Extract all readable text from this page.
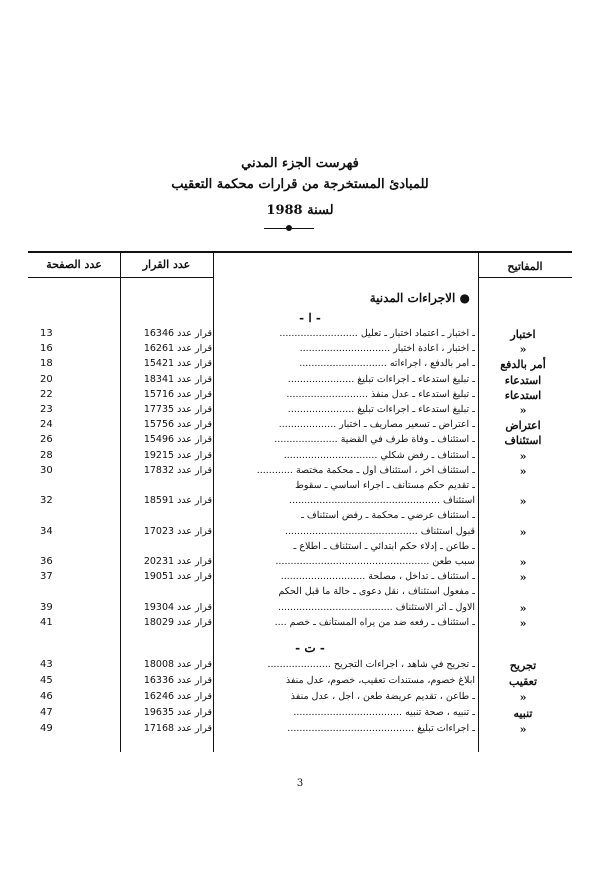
فهرست الجزء المدني
للمبادئ المستخرجة من قرارات محكمة التعقيب
لسنة 1988
عدد الصفحة	عدد القرار	المفاتيح
● الاجراءات المدنية
- ا -
13	قرار عدد 16346	ـ اختبار ـ اعتماد اختبار ـ تعليل ..........................	اختبار
16	قرار عدد 16261	ـ اختبار ، اعادة اختبار ..............................	«
18	قرار عدد 15421	ـ أمر بالدفع ، اجراءاته .............................	أمر بالدفع
20	قرار عدد 18341	ـ تبليغ استدعاء ـ اجراءات تبليغ ......................	استدعاء
22	قرار عدد 15716	ـ تبليغ استدعاء ـ عدل منفذ ...........................	استدعاء
23	قرار عدد 17735	ـ تبليغ استدعاء ـ اجراءات تبليغ ......................	«
24	قرار عدد 15756	ـ اعتراض ـ تسعير مصاريف ـ اختبار ...................	اعتراض
26	قرار عدد 15496	ـ استئناف ـ وفاة طرف في القضية .....................	استئناف
28	قرار عدد 19215	ـ استئناف ـ رفض شكلي ...............................	«
30	قرار عدد 17832	ـ استئناف آخر ، استئناف أول ـ محكمة مختصة ............	«
ـ تقديم حكم مستأنف ـ اجراء أساسي ـ سقوط
32	قرار عدد 18591	استئناف ..................................................	«
ـ استئناف عرضي ـ محكمة ـ رفض استئناف ـ
34	قرار عدد 17023	قبول استئناف ............................................	«
ـ طاعن ـ إدلاء حكم ابتدائي ـ استئناف ـ اطلاع ـ
36	قرار عدد 20231	سبب طعن ...................................................	«
37	قرار عدد 19051	ـ استئناف ـ تداخل ، مصلحة ............................	«
ـ مفعول استئناف ، نقل دعوى ـ حالة ما قبل الحكم
39	قرار عدد 19304	الاول ـ أثر الاستئناف ......................................	«
41	قرار عدد 18029	ـ استئناف ـ رفعه ضد من يراه المستأنف ـ خصم ....	«
- ت -
43	قرار عدد 18008	ـ تجريح في شاهد ، اجراءات التجريح .....................	تجريح
45	قرار عدد 16336	ابلاغ خصوم، مستندات تعقيب، خصوم، عدل منفذ	تعقيب
46	قرار عدد 16246	ـ طاعن ، تقديم عريضة طعن ، اجل ، عدل منفذ	«
47	قرار عدد 19635	ـ تنبيه ، صحة تنبيه ....................................	تنبيه
49	قرار عدد 17168	ـ اجراءات تبليغ ..........................................	«
3
